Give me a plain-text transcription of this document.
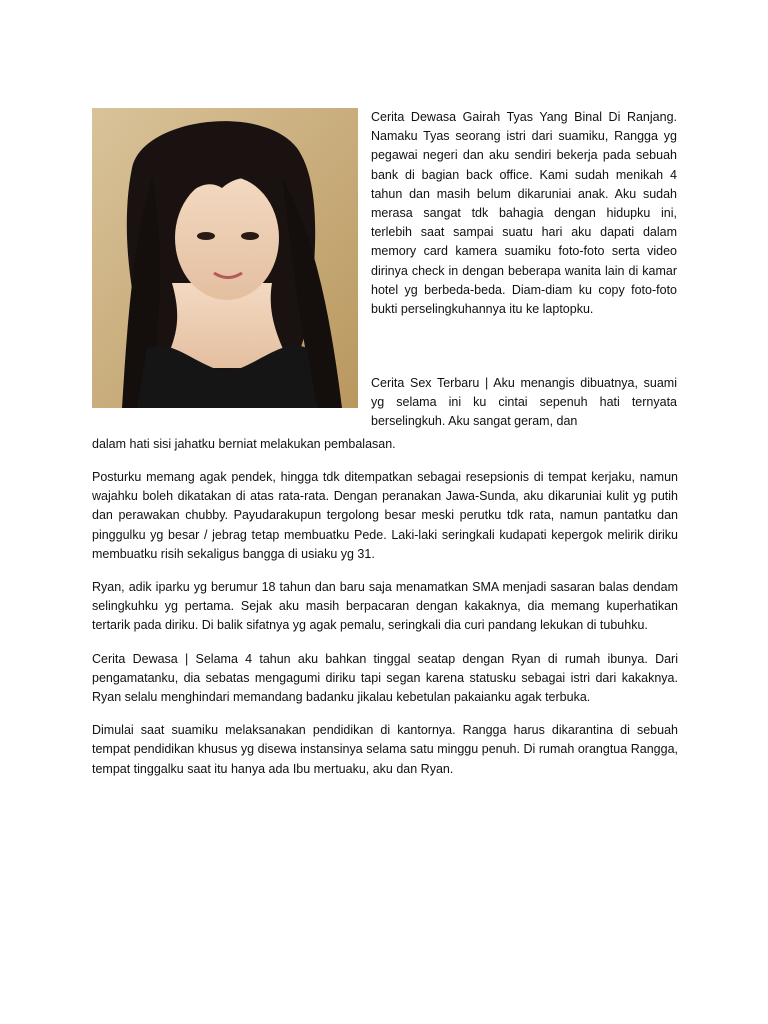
Cerita Dewasa Gairah Tyas Yang Binal Di Ranjang. Namaku Tyas seorang istri dari suamiku, Rangga yg pegawai negeri dan aku sendiri bekerja pada sebuah bank di bagian back office. Kami sudah menikah 4 tahun dan masih belum dikaruniai anak. Aku sudah merasa sangat tdk bahagia dengan hidupku ini, terlebih saat sampai suatu hari aku dapati dalam memory card kamera suamiku foto-foto serta video dirinya check in dengan beberapa wanita lain di kamar hotel yg berbeda-beda. Diam-diam ku copy foto-foto bukti perselingkuhannya itu ke laptopku.

Cerita Sex Terbaru | Aku menangis dibuatnya, suami yg selama ini ku cintai sepenuh hati ternyata berselingkuh. Aku sangat geram, dan

dalam hati sisi jahatku berniat melakukan pembalasan.

Posturku memang agak pendek, hingga tdk ditempatkan sebagai resepsionis di tempat kerjaku, namun wajahku boleh dikatakan di atas rata-rata. Dengan peranakan Jawa-Sunda, aku dikaruniai kulit yg putih dan perawakan chubby. Payudarakupun tergolong besar meski perutku tdk rata, namun pantatku dan pinggulku yg besar / jebrag tetap membuatku Pede. Laki-laki seringkali kudapati kepergok melirik diriku membuatku risih sekaligus bangga di usiaku yg 31.

Ryan, adik iparku yg berumur 18 tahun dan baru saja menamatkan SMA menjadi sasaran balas dendam selingkuhku yg pertama. Sejak aku masih berpacaran dengan kakaknya, dia memang kuperhatikan tertarik pada diriku. Di balik sifatnya yg agak pemalu, seringkali dia curi pandang lekukan di tubuhku.

Cerita Dewasa | Selama 4 tahun aku bahkan tinggal seatap dengan Ryan di rumah ibunya. Dari pengamatanku, dia sebatas mengagumi diriku tapi segan karena statusku sebagai istri dari kakaknya. Ryan selalu menghindari memandang badanku jikalau kebetulan pakaianku agak terbuka.

Dimulai saat suamiku melaksanakan pendidikan di kantornya. Rangga harus dikarantina di sebuah tempat pendidikan khusus yg disewa instansinya selama satu minggu penuh. Di rumah orangtua Rangga, tempat tinggalku saat itu hanya ada Ibu mertuaku, aku dan Ryan.
